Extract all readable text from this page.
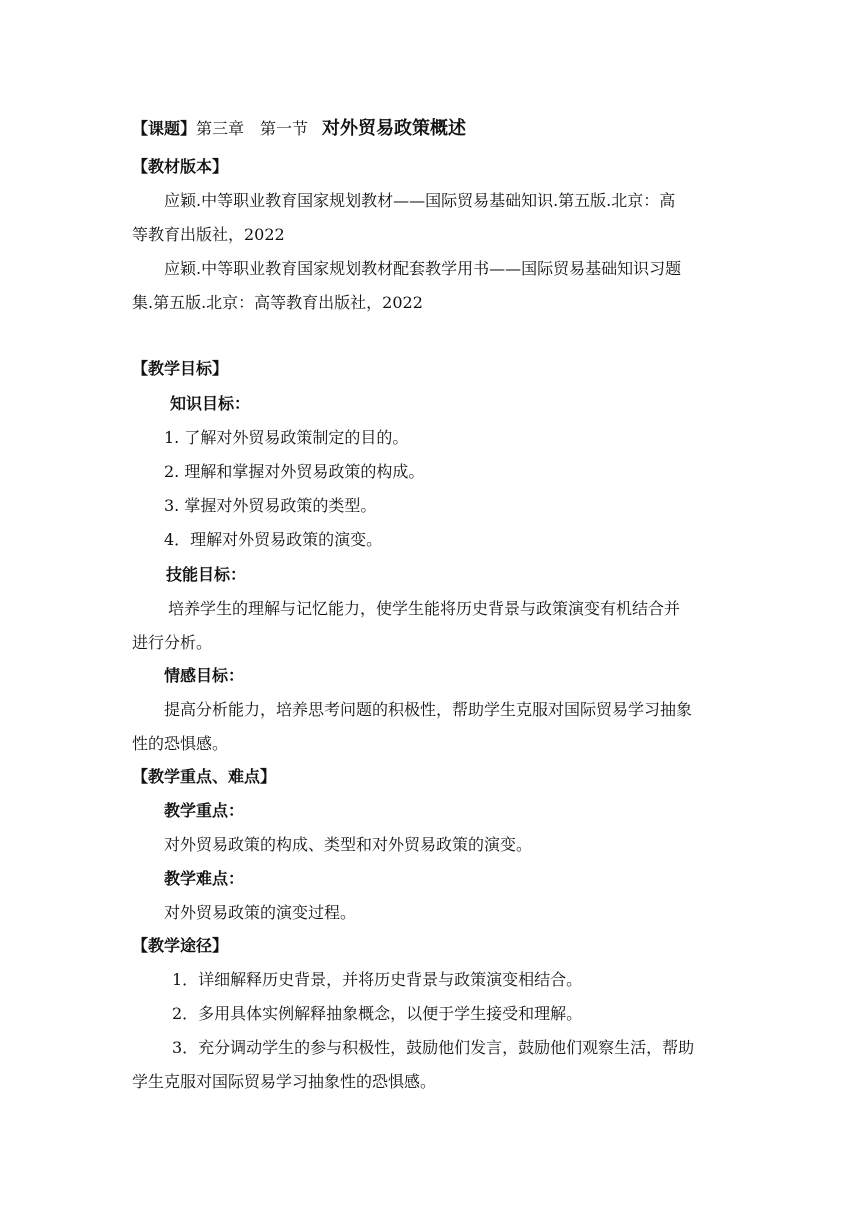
【课题】第三章　第一节 对外贸易政策概述
【教材版本】
应颖.中等职业教育国家规划教材——国际贸易基础知识.第五版.北京：高
等教育出版社，2022
应颖.中等职业教育国家规划教材配套教学用书——国际贸易基础知识习题
集.第五版.北京：高等教育出版社，2022
【教学目标】
知识目标：
1. 了解对外贸易政策制定的目的。
2. 理解和掌握对外贸易政策的构成。
3. 掌握对外贸易政策的类型。
4．理解对外贸易政策的演变。
技能目标：
培养学生的理解与记忆能力，使学生能将历史背景与政策演变有机结合并
进行分析。
情感目标：
提高分析能力，培养思考问题的积极性，帮助学生克服对国际贸易学习抽象
性的恐惧感。
【教学重点、难点】
教学重点：
对外贸易政策的构成、类型和对外贸易政策的演变。
教学难点：
对外贸易政策的演变过程。
【教学途径】
1．详细解释历史背景，并将历史背景与政策演变相结合。
2．多用具体实例解释抽象概念，以便于学生接受和理解。
3．充分调动学生的参与积极性，鼓励他们发言，鼓励他们观察生活，帮助
学生克服对国际贸易学习抽象性的恐惧感。
